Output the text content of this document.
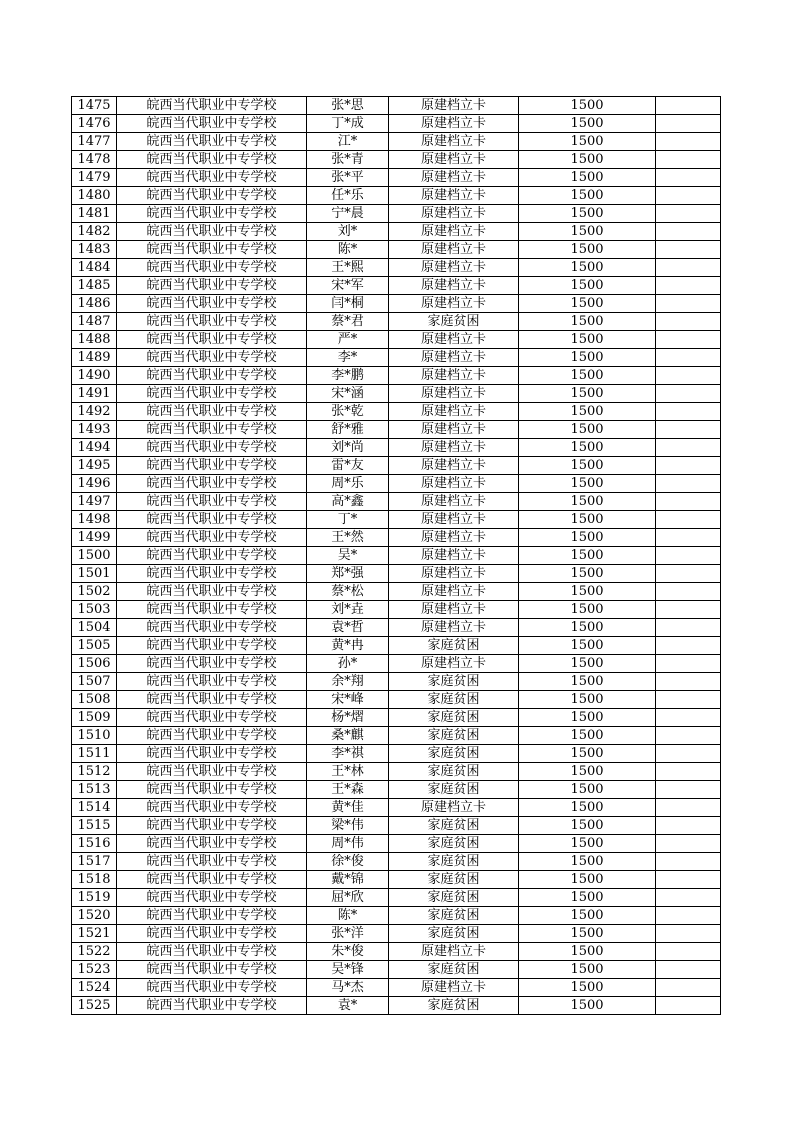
1475	皖西当代职业中专学校	张*思	原建档立卡	1500	
1476	皖西当代职业中专学校	丁*成	原建档立卡	1500	
1477	皖西当代职业中专学校	江*	原建档立卡	1500	
1478	皖西当代职业中专学校	张*青	原建档立卡	1500	
1479	皖西当代职业中专学校	张*平	原建档立卡	1500	
1480	皖西当代职业中专学校	任*乐	原建档立卡	1500	
1481	皖西当代职业中专学校	宁*晨	原建档立卡	1500	
1482	皖西当代职业中专学校	刘*	原建档立卡	1500	
1483	皖西当代职业中专学校	陈*	原建档立卡	1500	
1484	皖西当代职业中专学校	王*熙	原建档立卡	1500	
1485	皖西当代职业中专学校	宋*军	原建档立卡	1500	
1486	皖西当代职业中专学校	闫*桐	原建档立卡	1500	
1487	皖西当代职业中专学校	蔡*君	家庭贫困	1500	
1488	皖西当代职业中专学校	严*	原建档立卡	1500	
1489	皖西当代职业中专学校	李*	原建档立卡	1500	
1490	皖西当代职业中专学校	李*鹏	原建档立卡	1500	
1491	皖西当代职业中专学校	宋*涵	原建档立卡	1500	
1492	皖西当代职业中专学校	张*乾	原建档立卡	1500	
1493	皖西当代职业中专学校	舒*雅	原建档立卡	1500	
1494	皖西当代职业中专学校	刘*尚	原建档立卡	1500	
1495	皖西当代职业中专学校	雷*友	原建档立卡	1500	
1496	皖西当代职业中专学校	周*乐	原建档立卡	1500	
1497	皖西当代职业中专学校	高*鑫	原建档立卡	1500	
1498	皖西当代职业中专学校	丁*	原建档立卡	1500	
1499	皖西当代职业中专学校	王*然	原建档立卡	1500	
1500	皖西当代职业中专学校	吴*	原建档立卡	1500	
1501	皖西当代职业中专学校	郑*强	原建档立卡	1500	
1502	皖西当代职业中专学校	蔡*松	原建档立卡	1500	
1503	皖西当代职业中专学校	刘*垚	原建档立卡	1500	
1504	皖西当代职业中专学校	袁*哲	原建档立卡	1500	
1505	皖西当代职业中专学校	黄*冉	家庭贫困	1500	
1506	皖西当代职业中专学校	孙*	原建档立卡	1500	
1507	皖西当代职业中专学校	余*翔	家庭贫困	1500	
1508	皖西当代职业中专学校	宋*峰	家庭贫困	1500	
1509	皖西当代职业中专学校	杨*熠	家庭贫困	1500	
1510	皖西当代职业中专学校	桑*麒	家庭贫困	1500	
1511	皖西当代职业中专学校	李*祺	家庭贫困	1500	
1512	皖西当代职业中专学校	王*林	家庭贫困	1500	
1513	皖西当代职业中专学校	王*森	家庭贫困	1500	
1514	皖西当代职业中专学校	黄*佳	原建档立卡	1500	
1515	皖西当代职业中专学校	梁*伟	家庭贫困	1500	
1516	皖西当代职业中专学校	周*伟	家庭贫困	1500	
1517	皖西当代职业中专学校	徐*俊	家庭贫困	1500	
1518	皖西当代职业中专学校	戴*锦	家庭贫困	1500	
1519	皖西当代职业中专学校	屈*欣	家庭贫困	1500	
1520	皖西当代职业中专学校	陈*	家庭贫困	1500	
1521	皖西当代职业中专学校	张*洋	家庭贫困	1500	
1522	皖西当代职业中专学校	朱*俊	原建档立卡	1500	
1523	皖西当代职业中专学校	吴*锋	家庭贫困	1500	
1524	皖西当代职业中专学校	马*杰	原建档立卡	1500	
1525	皖西当代职业中专学校	袁*	家庭贫困	1500	
